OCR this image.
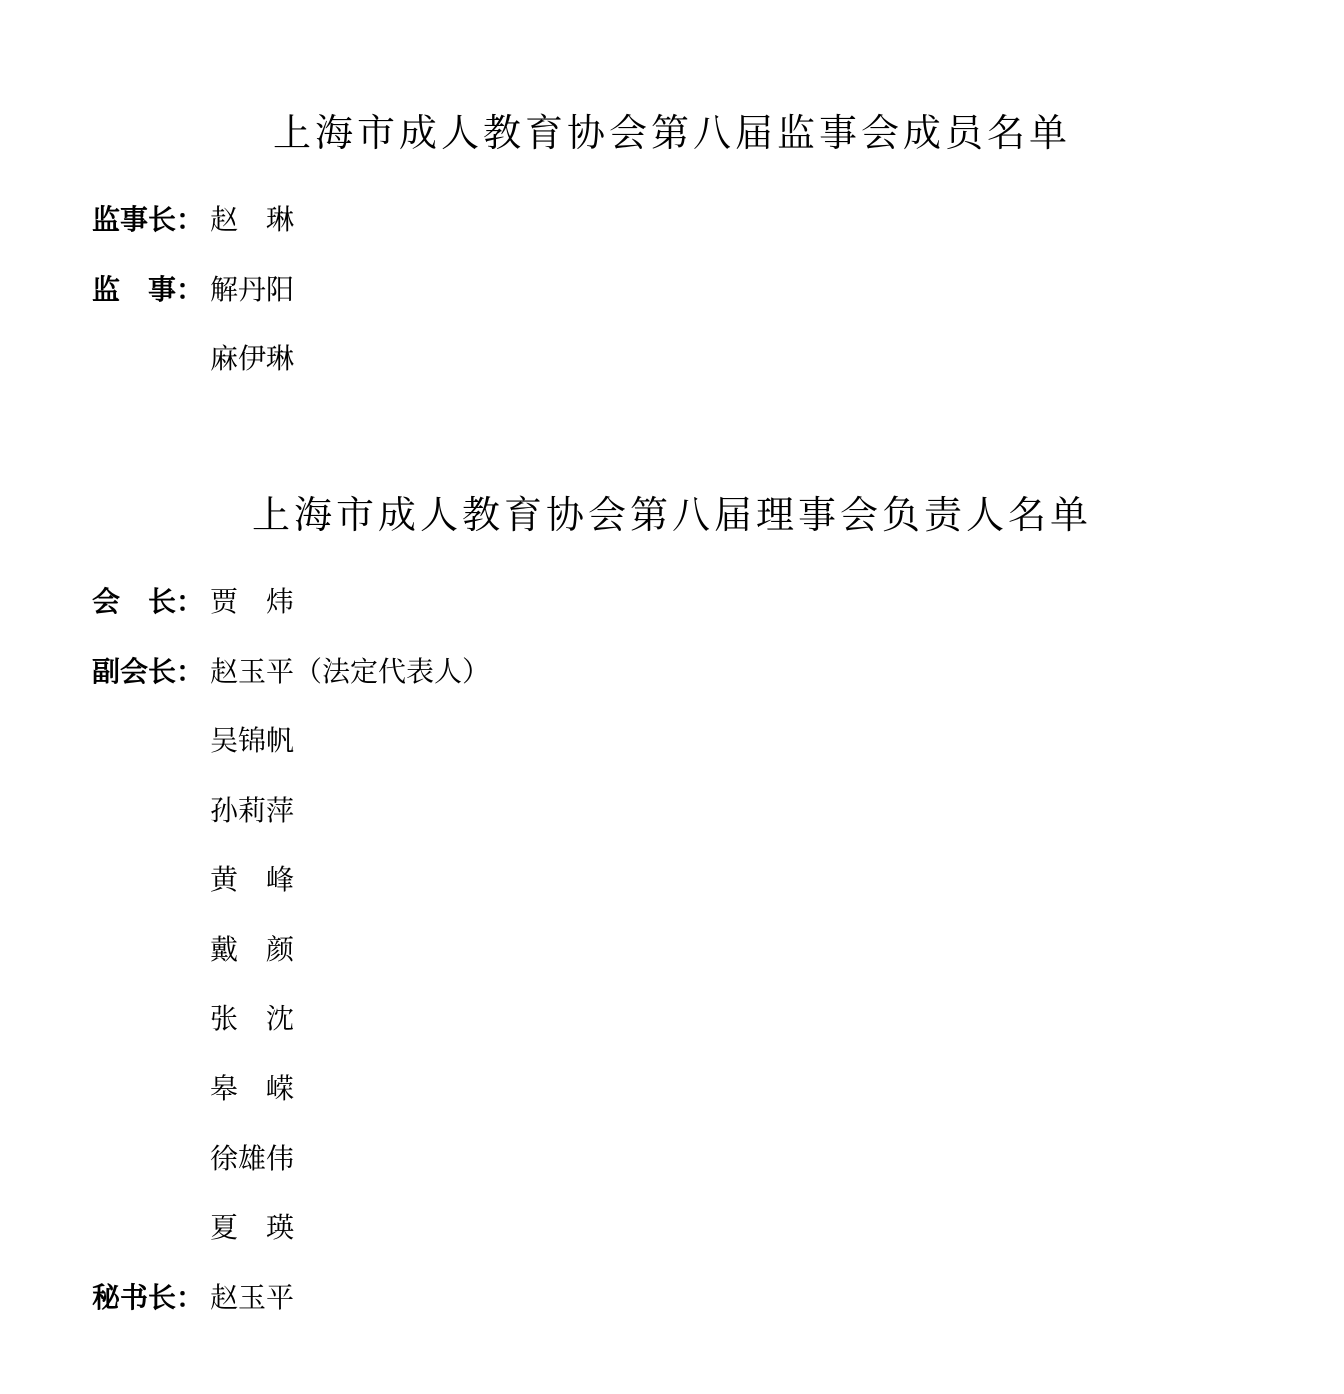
上海市成人教育协会第八届监事会成员名单
监事长： 赵　琳
监　事： 解丹阳
麻伊琳
上海市成人教育协会第八届理事会负责人名单
会　长： 贾　炜
副会长： 赵玉平（法定代表人）
吴锦帆
孙莉萍
黄　峰
戴　颜
张　沈
皋　嵘
徐雄伟
夏　瑛
秘书长： 赵玉平
